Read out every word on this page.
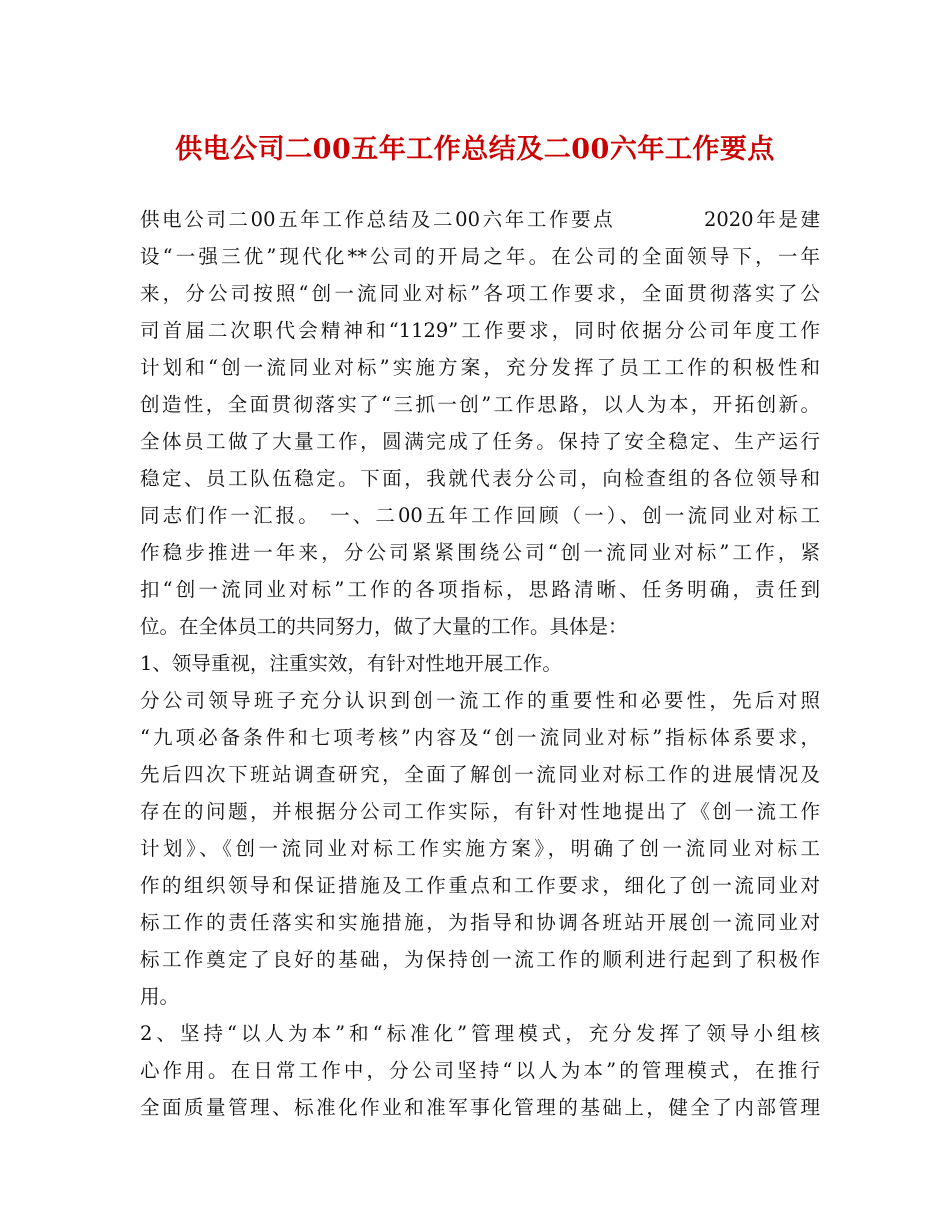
供电公司二00五年工作总结及二00六年工作要点
供电公司二00五年工作总结及二00六年工作要点　　　　2020年是建
设“一强三优”现代化**公司的开局之年。在公司的全面领导下，一年
来，分公司按照“创一流同业对标”各项工作要求，全面贯彻落实了公
司首届二次职代会精神和“1129”工作要求，同时依据分公司年度工作
计划和“创一流同业对标”实施方案，充分发挥了员工工作的积极性和
创造性，全面贯彻落实了“三抓一创”工作思路，以人为本，开拓创新。
全体员工做了大量工作，圆满完成了任务。保持了安全稳定、生产运行
稳定、员工队伍稳定。下面，我就代表分公司，向检查组的各位领导和
同志们作一汇报。 一、二00五年工作回顾（一）、创一流同业对标工
作稳步推进一年来，分公司紧紧围绕公司“创一流同业对标”工作，紧
扣“创一流同业对标”工作的各项指标，思路清晰、任务明确，责任到
位。在全体员工的共同努力，做了大量的工作。具体是：
1、领导重视，注重实效，有针对性地开展工作。
分公司领导班子充分认识到创一流工作的重要性和必要性，先后对照
“九项必备条件和七项考核”内容及“创一流同业对标”指标体系要求，
先后四次下班站调查研究，全面了解创一流同业对标工作的进展情况及
存在的问题，并根据分公司工作实际，有针对性地提出了《创一流工作
计划》、《创一流同业对标工作实施方案》，明确了创一流同业对标工
作的组织领导和保证措施及工作重点和工作要求，细化了创一流同业对
标工作的责任落实和实施措施，为指导和协调各班站开展创一流同业对
标工作奠定了良好的基础，为保持创一流工作的顺利进行起到了积极作
用。
2、坚持“以人为本”和“标准化”管理模式，充分发挥了领导小组核
心作用。在日常工作中，分公司坚持“以人为本”的管理模式，在推行
全面质量管理、标准化作业和准军事化管理的基础上，健全了内部管理
